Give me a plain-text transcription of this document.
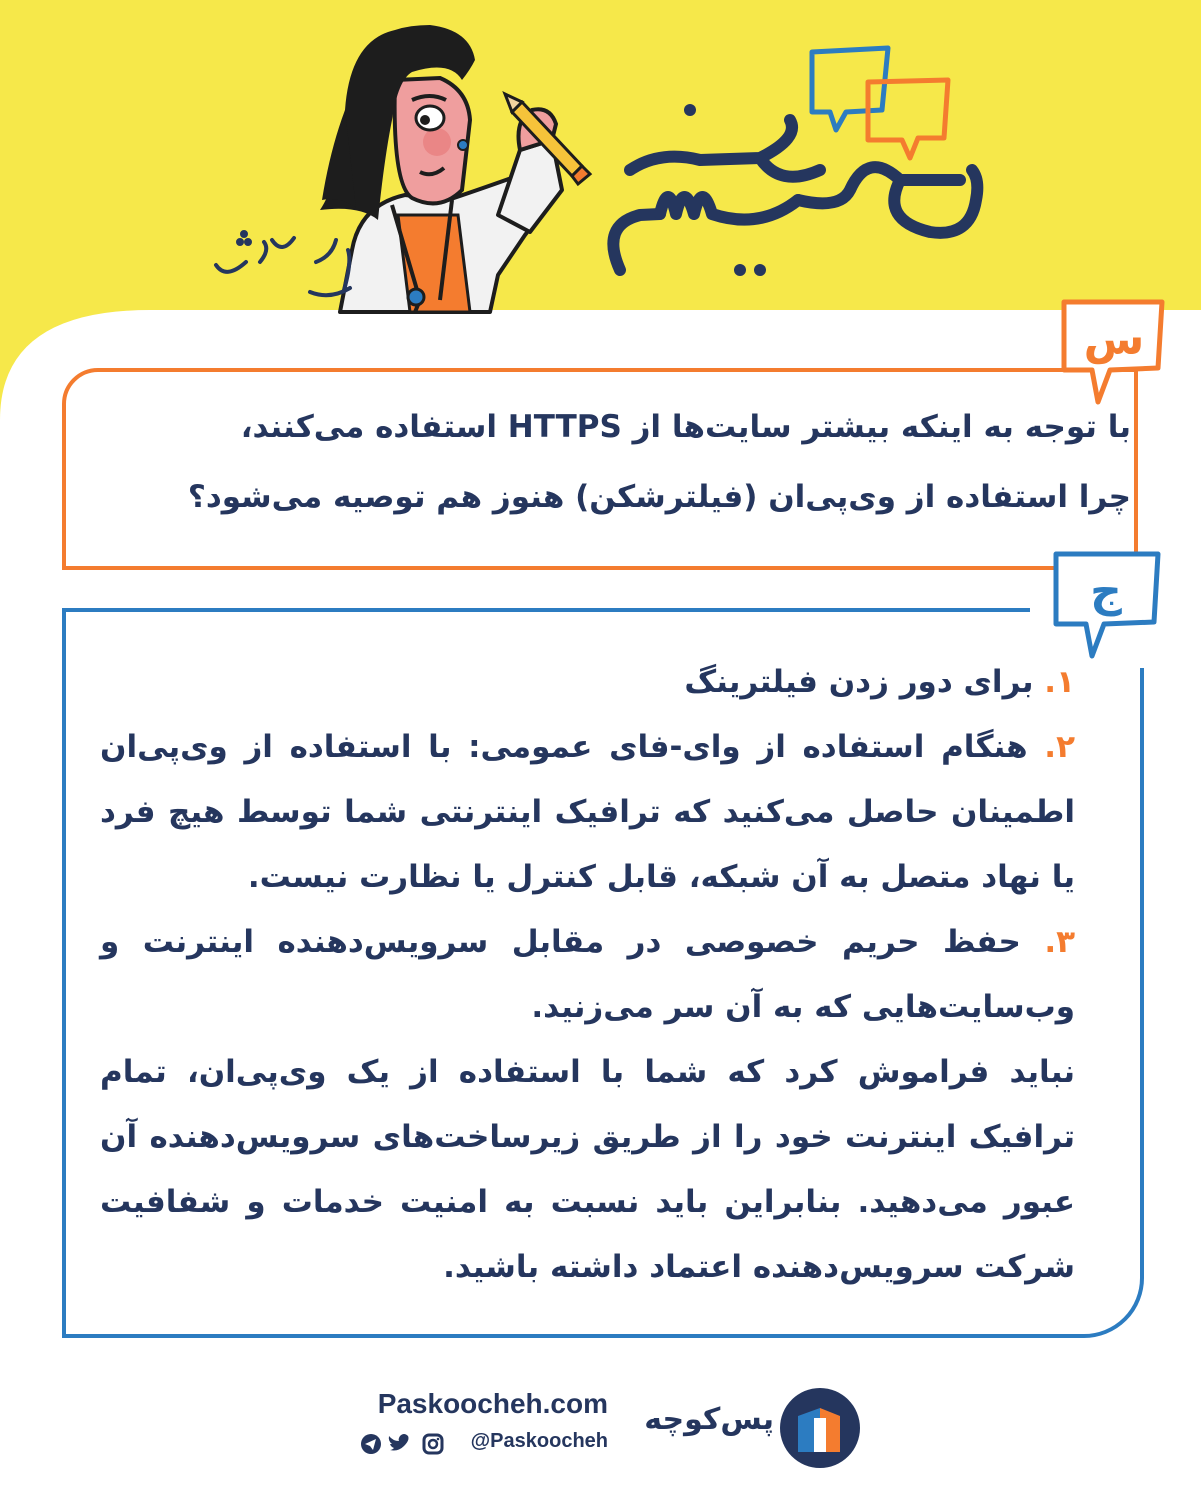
س
با توجه به اینکه بیشتر سایت‌ها از HTTPS استفاده می‌کنند،
چرا استفاده از وی‌پی‌ان (فیلترشکن) هنوز هم توصیه می‌شود؟
ج

۱. برای دور زدن فیلترینگ

۲. هنگام استفاده از وای-فای عمومی: با استفاده از وی‌پی‌ان اطمینان حاصل می‌کنید که ترافیک اینترنتی شما توسط هیچ فرد یا نهاد متصل به آن شبکه، قابل کنترل یا نظارت نیست.

۳. حفظ حریم خصوصی در مقابل سرویس‌دهنده اینترنت و وب‌سایت‌هایی که به آن سر می‌زنید.

نباید فراموش کرد که شما با استفاده از یک وی‌پی‌ان، تمام ترافیک اینترنت خود را از طریق زیرساخت‌های سرویس‌دهنده آن عبور می‌دهید. بنابراین باید نسبت به امنیت خدمات و شفافیت شرکت سرویس‌دهنده اعتماد داشته باشید.

Paskoocheh.com
@Paskoocheh
پس‌کوچه
